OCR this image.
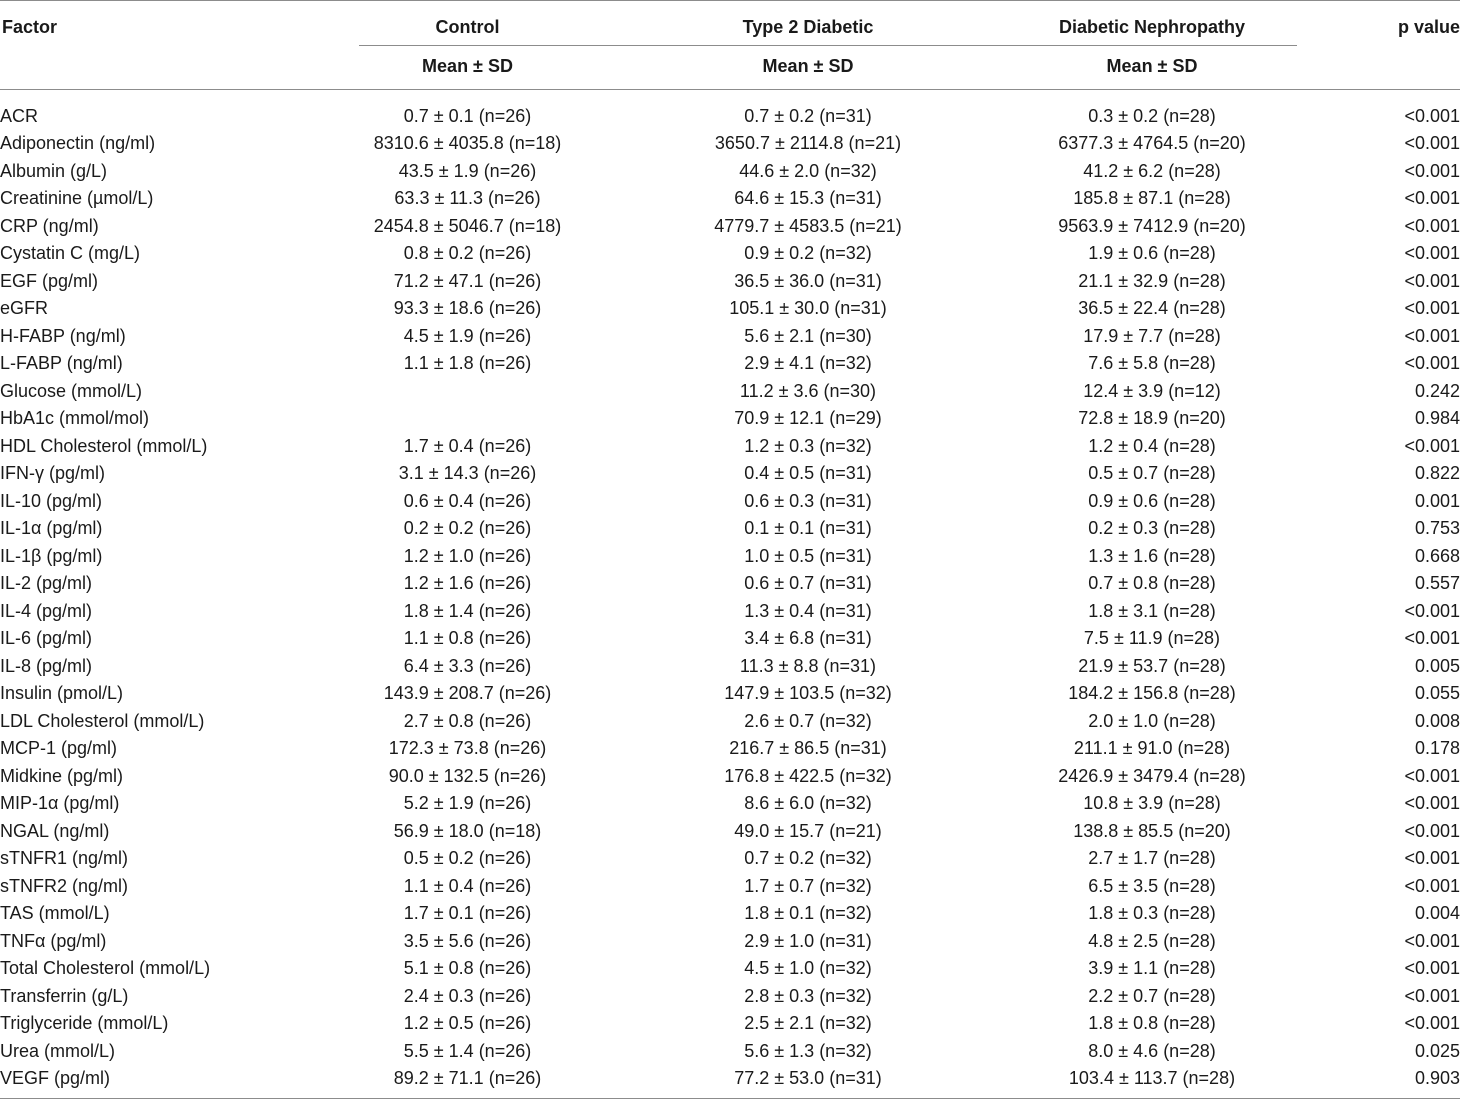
Factor	Control	Type 2 Diabetic	Diabetic Nephropathy	p value
Mean ± SD	Mean ± SD	Mean ± SD
ACR	0.7 ± 0.1 (n=26)		0.7 ± 0.2 (n=31)		0.3 ± 0.2 (n=28)	<0.001
Adiponectin (ng/ml)	8310.6 ± 4035.8 (n=18)		3650.7 ± 2114.8 (n=21)		6377.3 ± 4764.5 (n=20)	<0.001
Albumin (g/L)	43.5 ± 1.9 (n=26)		44.6 ± 2.0 (n=32)		41.2 ± 6.2 (n=28)	<0.001
Creatinine (µmol/L)	63.3 ± 11.3 (n=26)		64.6 ± 15.3 (n=31)		185.8 ± 87.1 (n=28)	<0.001
CRP (ng/ml)	2454.8 ± 5046.7 (n=18)		4779.7 ± 4583.5 (n=21)		9563.9 ± 7412.9 (n=20)	<0.001
Cystatin C (mg/L)	0.8 ± 0.2 (n=26)		0.9 ± 0.2 (n=32)		1.9 ± 0.6 (n=28)	<0.001
EGF (pg/ml)	71.2 ± 47.1 (n=26)		36.5 ± 36.0 (n=31)		21.1 ± 32.9 (n=28)	<0.001
eGFR	93.3 ± 18.6 (n=26)		105.1 ± 30.0 (n=31)		36.5 ± 22.4 (n=28)	<0.001
H-FABP (ng/ml)	4.5 ± 1.9 (n=26)		5.6 ± 2.1 (n=30)		17.9 ± 7.7 (n=28)	<0.001
L-FABP (ng/ml)	1.1 ± 1.8 (n=26)		2.9 ± 4.1 (n=32)		7.6 ± 5.8 (n=28)	<0.001
Glucose (mmol/L)			11.2 ± 3.6 (n=30)		12.4 ± 3.9 (n=12)	0.242
HbA1c (mmol/mol)			70.9 ± 12.1 (n=29)		72.8 ± 18.9 (n=20)	0.984
HDL Cholesterol (mmol/L)	1.7 ± 0.4 (n=26)		1.2 ± 0.3 (n=32)		1.2 ± 0.4 (n=28)	<0.001
IFN-γ (pg/ml)	3.1 ± 14.3 (n=26)		0.4 ± 0.5 (n=31)		0.5 ± 0.7 (n=28)	0.822
IL-10 (pg/ml)	0.6 ± 0.4 (n=26)		0.6 ± 0.3 (n=31)		0.9 ± 0.6 (n=28)	0.001
IL-1α (pg/ml)	0.2 ± 0.2 (n=26)		0.1 ± 0.1 (n=31)		0.2 ± 0.3 (n=28)	0.753
IL-1β (pg/ml)	1.2 ± 1.0 (n=26)		1.0 ± 0.5 (n=31)		1.3 ± 1.6 (n=28)	0.668
IL-2 (pg/ml)	1.2 ± 1.6 (n=26)		0.6 ± 0.7 (n=31)		0.7 ± 0.8 (n=28)	0.557
IL-4 (pg/ml)	1.8 ± 1.4 (n=26)		1.3 ± 0.4 (n=31)		1.8 ± 3.1 (n=28)	<0.001
IL-6 (pg/ml)	1.1 ± 0.8 (n=26)		3.4 ± 6.8 (n=31)		7.5 ± 11.9 (n=28)	<0.001
IL-8 (pg/ml)	6.4 ± 3.3 (n=26)		11.3 ± 8.8 (n=31)		21.9 ± 53.7 (n=28)	0.005
Insulin (pmol/L)	143.9 ± 208.7 (n=26)		147.9 ± 103.5 (n=32)		184.2 ± 156.8 (n=28)	0.055
LDL Cholesterol (mmol/L)	2.7 ± 0.8 (n=26)		2.6 ± 0.7 (n=32)		2.0 ± 1.0 (n=28)	0.008
MCP-1 (pg/ml)	172.3 ± 73.8 (n=26)		216.7 ± 86.5 (n=31)		211.1 ± 91.0 (n=28)	0.178
Midkine (pg/ml)	90.0 ± 132.5 (n=26)		176.8 ± 422.5 (n=32)		2426.9 ± 3479.4 (n=28)	<0.001
MIP-1α (pg/ml)	5.2 ± 1.9 (n=26)		8.6 ± 6.0 (n=32)		10.8 ± 3.9 (n=28)	<0.001
NGAL (ng/ml)	56.9 ± 18.0 (n=18)		49.0 ± 15.7 (n=21)		138.8 ± 85.5 (n=20)	<0.001
sTNFR1 (ng/ml)	0.5 ± 0.2 (n=26)		0.7 ± 0.2 (n=32)		2.7 ± 1.7 (n=28)	<0.001
sTNFR2 (ng/ml)	1.1 ± 0.4 (n=26)		1.7 ± 0.7 (n=32)		6.5 ± 3.5 (n=28)	<0.001
TAS (mmol/L)	1.7 ± 0.1 (n=26)		1.8 ± 0.1 (n=32)		1.8 ± 0.3 (n=28)	0.004
TNFα (pg/ml)	3.5 ± 5.6 (n=26)		2.9 ± 1.0 (n=31)		4.8 ± 2.5 (n=28)	<0.001
Total Cholesterol (mmol/L)	5.1 ± 0.8 (n=26)		4.5 ± 1.0 (n=32)		3.9 ± 1.1 (n=28)	<0.001
Transferrin (g/L)	2.4 ± 0.3 (n=26)		2.8 ± 0.3 (n=32)		2.2 ± 0.7 (n=28)	<0.001
Triglyceride (mmol/L)	1.2 ± 0.5 (n=26)		2.5 ± 2.1 (n=32)		1.8 ± 0.8 (n=28)	<0.001
Urea (mmol/L)	5.5 ± 1.4 (n=26)		5.6 ± 1.3 (n=32)		8.0 ± 4.6 (n=28)	0.025
VEGF (pg/ml)	89.2 ± 71.1 (n=26)		77.2 ± 53.0 (n=31)		103.4 ± 113.7 (n=28)	0.903
